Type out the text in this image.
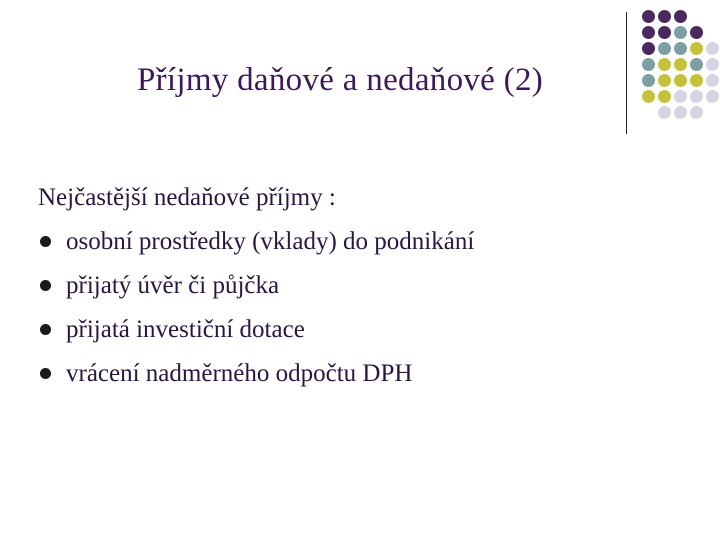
Příjmy daňové a nedaňové (2)

Nejčastější nedaňové příjmy :

osobní prostředky (vklady) do podnikání
přijatý úvěr či půjčka
přijatá investiční dotace
vrácení nadměrného odpočtu DPH
